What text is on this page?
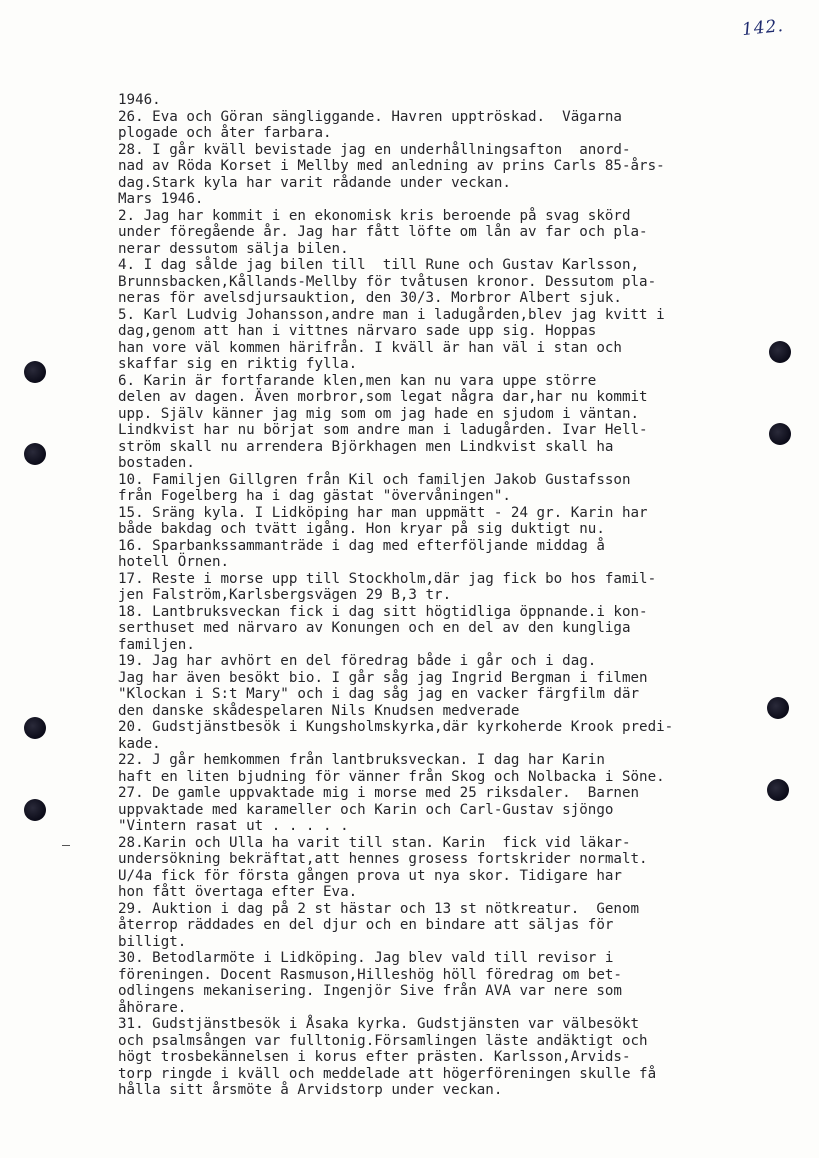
142.
1946.
26. Eva och Göran sängliggande. Havren upptröskad.  Vägarna
plogade och åter farbara.
28. I går kväll bevistade jag en underhållningsafton  anord-
nad av Röda Korset i Mellby med anledning av prins Carls 85-års-
dag.Stark kyla har varit rådande under veckan.
Mars 1946.
2. Jag har kommit i en ekonomisk kris beroende på svag skörd
under föregående år. Jag har fått löfte om lån av far och pla-
nerar dessutom sälja bilen.
4. I dag sålde jag bilen till  till Rune och Gustav Karlsson,
Brunnsbacken,Kållands-Mellby för tvåtusen kronor. Dessutom pla-
neras för avelsdjursauktion, den 30/3. Morbror Albert sjuk.
5. Karl Ludvig Johansson,andre man i ladugården,blev jag kvitt i
dag,genom att han i vittnes närvaro sade upp sig. Hoppas
han vore väl kommen härifrån. I kväll är han väl i stan och
skaffar sig en riktig fylla.
6. Karin är fortfarande klen,men kan nu vara uppe större
delen av dagen. Även morbror,som legat några dar,har nu kommit
upp. Själv känner jag mig som om jag hade en sjudom i väntan.
Lindkvist har nu börjat som andre man i ladugården. Ivar Hell-
ström skall nu arrendera Björkhagen men Lindkvist skall ha
bostaden.
10. Familjen Gillgren från Kil och familjen Jakob Gustafsson
från Fogelberg ha i dag gästat "övervåningen".
15. Sräng kyla. I Lidköping har man uppmätt - 24 gr. Karin har
både bakdag och tvätt igång. Hon kryar på sig duktigt nu.
16. Sparbankssammanträde i dag med efterföljande middag å
hotell Örnen.
17. Reste i morse upp till Stockholm,där jag fick bo hos famil-
jen Falström,Karlsbergsvägen 29 B,3 tr.
18. Lantbruksveckan fick i dag sitt högtidliga öppnande.i kon-
serthuset med närvaro av Konungen och en del av den kungliga
familjen.
19. Jag har avhört en del föredrag både i går och i dag.
Jag har även besökt bio. I går såg jag Ingrid Bergman i filmen
"Klockan i S:t Mary" och i dag såg jag en vacker färgfilm där
den danske skådespelaren Nils Knudsen medverade
20. Gudstjänstbesök i Kungsholmskyrka,där kyrkoherde Krook predi-
kade.
22. J går hemkommen från lantbruksveckan. I dag har Karin
haft en liten bjudning för vänner från Skog och Nolbacka i Söne.
27. De gamle uppvaktade mig i morse med 25 riksdaler.  Barnen
uppvaktade med karameller och Karin och Carl-Gustav sjöngo
"Vintern rasat ut . . . . .
28.Karin och Ulla ha varit till stan. Karin  fick vid läkar-
undersökning bekräftat,att hennes grosess fortskrider normalt.
U/4a fick för första gången prova ut nya skor. Tidigare har
hon fått övertaga efter Eva.
29. Auktion i dag på 2 st hästar och 13 st nötkreatur.  Genom
återrop räddades en del djur och en bindare att säljas för
billigt.
30. Betodlarmöte i Lidköping. Jag blev vald till revisor i
föreningen. Docent Rasmuson,Hilleshög höll föredrag om bet-
odlingens mekanisering. Ingenjör Sive från AVA var nere som
åhörare.
31. Gudstjänstbesök i Åsaka kyrka. Gudstjänsten var välbesökt
och psalmsången var fulltonig.Församlingen läste andäktigt och
högt trosbekännelsen i korus efter prästen. Karlsson,Arvids-
torp ringde i kväll och meddelade att högerföreningen skulle få
hålla sitt årsmöte å Arvidstorp under veckan.
